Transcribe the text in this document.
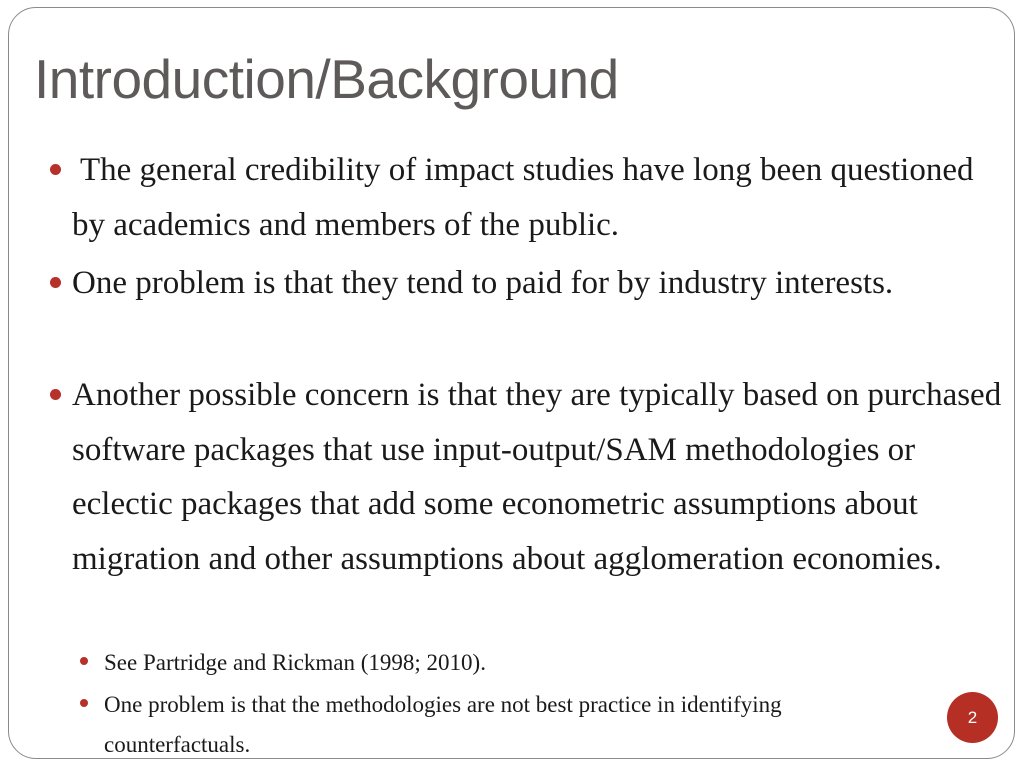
Introduction/Background
The general credibility of impact studies have long been questioned by academics and members of the public.
One problem is that they tend to paid for by industry interests.
Another possible concern is that they are typically based on purchased software packages that use input-output/SAM methodologies or eclectic packages that add some econometric assumptions about migration and other assumptions about agglomeration economies.
See Partridge and Rickman (1998; 2010).
One problem is that the methodologies are not best practice in identifying
counterfactuals.
2
